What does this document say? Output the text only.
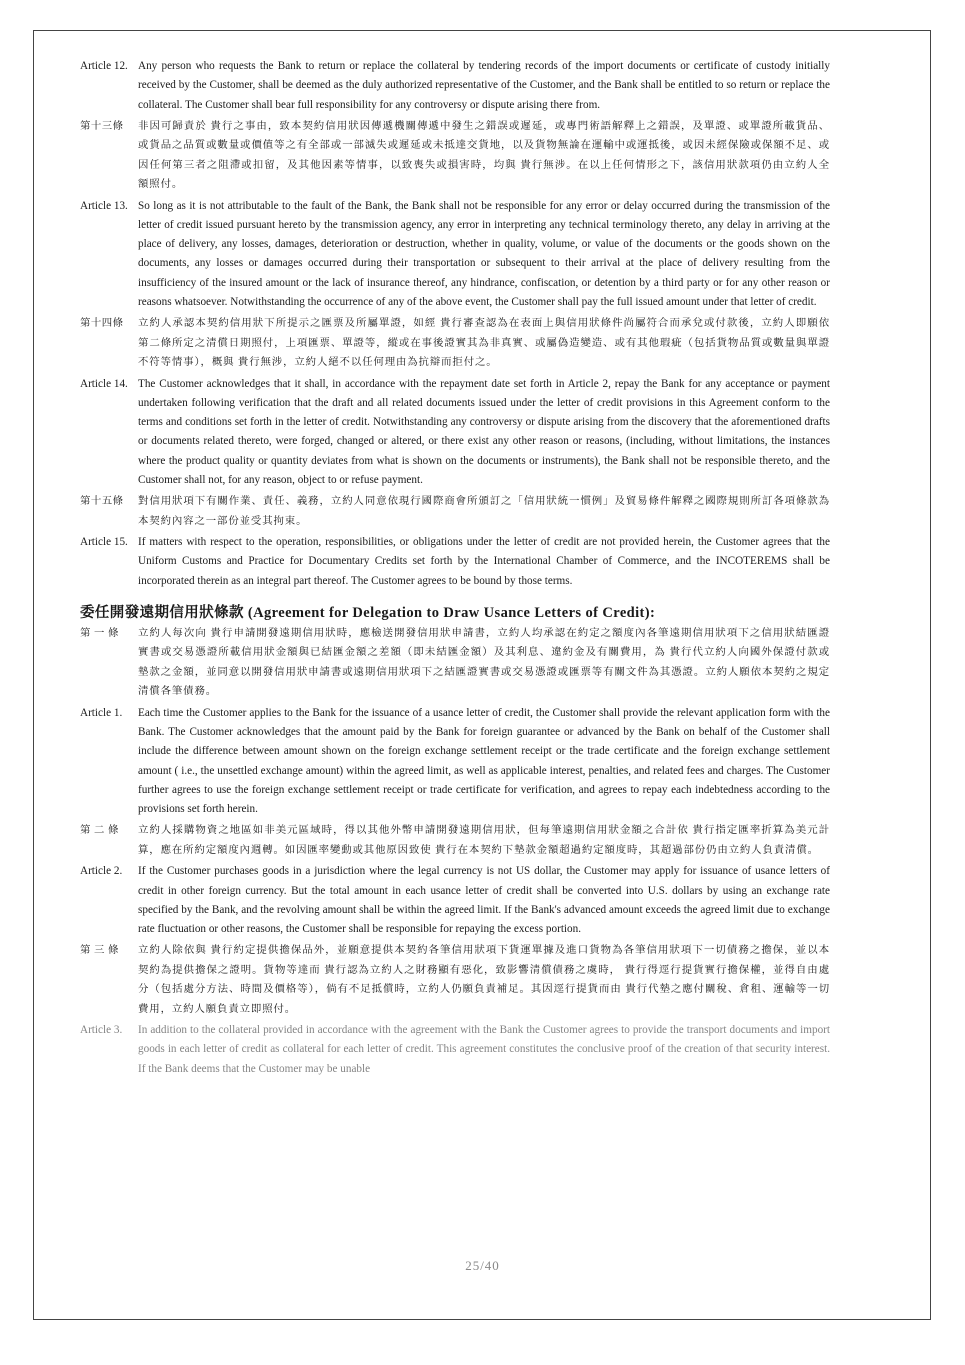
Article 12. Any person who requests the Bank to return or replace the collateral by tendering records of the import documents or certificate of custody initially received by the Customer, shall be deemed as the duly authorized representative of the Customer, and the Bank shall be entitled to so return or replace the collateral. The Customer shall bear full responsibility for any controversy or dispute arising there from.
第十三條	非因可歸責於 貴行之事由，致本契約信用狀因傳遞機關傳遞中發生之錯誤或遲延，或專門術語解釋上之錯誤，及單證、或單證所載貨品、或貨品之品質或數量或價值等之有全部或一部滅失或遲延或未抵達交貨地，以及貨物無論在運輸中或運抵後，或因未經保險或保額不足、或因任何第三者之阻滯或扣留，及其他因素等情事，以致喪失或損害時，均與 貴行無涉。在以上任何情形之下，該信用狀款項仍由立約人全額照付。
Article 13. So long as it is not attributable to the fault of the Bank, the Bank shall not be responsible for any error or delay occurred during the transmission of the letter of credit issued pursuant hereto by the transmission agency, any error in interpreting any technical terminology thereto, any delay in arriving at the place of delivery, any losses, damages, deterioration or destruction, whether in quality, volume, or value of the documents or the goods shown on the documents, any losses or damages occurred during their transportation or subsequent to their arrival at the place of delivery resulting from the insufficiency of the insured amount or the lack of insurance thereof, any hindrance, confiscation, or detention by a third party or for any other reason or reasons whatsoever. Notwithstanding the occurrence of any of the above event, the Customer shall pay the full issued amount under that letter of credit.
第十四條	立約人承認本契約信用狀下所提示之匯票及所屬單證，如經 貴行審查認為在表面上與信用狀條件尚屬符合而承兌或付款後，立約人即願依第二條所定之清償日期照付，上項匯票、單證等，縱或在事後證實其為非真實、或屬偽造變造、或有其他瑕疵（包括貨物品質或數量與單證不符等情事），概與 貴行無涉，立約人絕不以任何理由為抗辯而拒付之。
Article 14. The Customer acknowledges that it shall, in accordance with the repayment date set forth in Article 2, repay the Bank for any acceptance or payment undertaken following verification that the draft and all related documents issued under the letter of credit provisions in this Agreement conform to the terms and conditions set forth in the letter of credit. Notwithstanding any controversy or dispute arising from the discovery that the aforementioned drafts or documents related thereto, were forged, changed or altered, or there exist any other reason or reasons, (including, without limitations, the instances where the product quality or quantity deviates from what is shown on the documents or instruments), the Bank shall not be responsible thereto, and the Customer shall not, for any reason, object to or refuse payment.
第十五條	對信用狀項下有關作業、責任、義務，立約人同意依現行國際商會所頒訂之「信用狀統一慣例」及貿易條件解釋之國際規則所訂各項條款為本契約內容之一部份並受其拘束。
Article 15. If matters with respect to the operation, responsibilities, or obligations under the letter of credit are not provided herein, the Customer agrees that the Uniform Customs and Practice for Documentary Credits set forth by the International Chamber of Commerce, and the INCOTEREMS shall be incorporated therein as an integral part thereof. The Customer agrees to be bound by those terms.
委任開發遠期信用狀條款 (Agreement for Delegation to Draw Usance Letters of Credit):
第 一 條	立約人每次向 貴行申請開發遠期信用狀時，應檢送開發信用狀申請書，立約人均承認在約定之額度內各筆遠期信用狀項下之信用狀結匯證實書或交易憑證所載信用狀金額與已結匯金額之差額（即未結匯金額）及其利息、違約金及有關費用，為 貴行代立約人向國外保證付款或墊款之金額，並同意以開發信用狀申請書或遠期信用狀項下之結匯證實書或交易憑證或匯票等有關文件為其憑證。立約人願依本契約之規定清償各筆債務。
Article 1.	Each time the Customer applies to the Bank for the issuance of a usance letter of credit, the Customer shall provide the relevant application form with the Bank. The Customer acknowledges that the amount paid by the Bank for foreign guarantee or advanced by the Bank on behalf of the Customer shall include the difference between amount shown on the foreign exchange settlement receipt or the trade certificate and the foreign exchange settlement amount ( i.e., the unsettled exchange amount) within the agreed limit, as well as applicable interest, penalties, and related fees and charges. The Customer further agrees to use the foreign exchange settlement receipt or trade certificate for verification, and agrees to repay each indebtedness according to the provisions set forth herein.
第 二 條	立約人採購物資之地區如非美元區域時，得以其他外幣申請開發遠期信用狀，但每筆遠期信用狀金額之合計依 貴行指定匯率折算為美元計算，應在所約定額度內週轉。如因匯率變動或其他原因致使 貴行在本契約下墊款金額超過約定額度時，其超過部份仍由立約人負責清償。
Article 2.	If the Customer purchases goods in a jurisdiction where the legal currency is not US dollar, the Customer may apply for issuance of usance letters of credit in other foreign currency. But the total amount in each usance letter of credit shall be converted into U.S. dollars by using an exchange rate specified by the Bank, and the revolving amount shall be within the agreed limit. If the Bank's advanced amount exceeds the agreed limit due to exchange rate fluctuation or other reasons, the Customer shall be responsible for repaying the excess portion.
第 三 條	立約人除依與 貴行約定提供擔保品外，並願意提供本契約各筆信用狀項下貨運單據及進口貨物為各筆信用狀項下一切債務之擔保，並以本契約為提供擔保之證明。貨物等達而 貴行認為立約人之財務顯有惡化，致影響清償債務之虞時， 貴行得逕行提貨實行擔保權，並得自由處分（包括處分方法、時間及價格等），倘有不足抵償時，立約人仍願負責補足。其因逕行提貨而由 貴行代墊之應付關稅、倉租、運輸等一切費用，立約人願負責立即照付。
Article 3.	In addition to the collateral provided in accordance with the agreement with the Bank the Customer agrees to provide the transport documents and import goods in each letter of credit as collateral for each letter of credit. This agreement constitutes the conclusive proof of the creation of that security interest. If the Bank deems that the Customer may be unable
25/40
